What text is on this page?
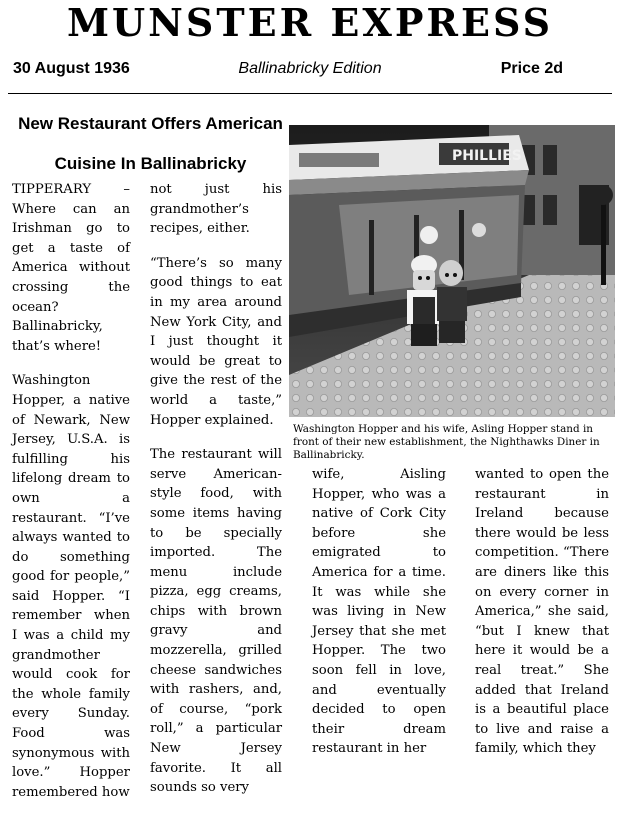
MUNSTER EXPRESS
30 August 1936	Ballinabricky Edition	Price 2d
New Restaurant Offers American
Cuisine In Ballinabricky

TIPPERARY – Where can an Irishman go to get a taste of America without crossing the ocean? Ballinabricky, that’s where!

Washington Hopper, a native of Newark, New Jersey, U.S.A. is fulfilling his lifelong dream to own a restaurant. “I’ve always wanted to do something good for people,” said Hopper. “I remember when I was a child my grandmother would cook for the whole family every Sunday. Food was synonymous with love.” Hopper remembered how

not just his grandmother’s recipes, either.

“There’s so many good things to eat in my area around New York City, and I just thought it would be great to give the rest of the world a taste,” Hopper explained.

The restaurant will serve American-style food, with some items having to be specially imported. The menu include pizza, egg creams, chips with brown gravy and mozzerella, grilled cheese sandwiches with rashers, and, of course, “pork roll,” a particular New Jersey favorite. It all sounds so very

PHILLIES
Washington Hopper and his wife, Asling Hopper stand in front of their new establishment, the Nighthawks Diner in Ballinabricky.

wife, Aisling Hopper, who was a native of Cork City before she emigrated to America for a time. It was while she was living in New Jersey that she met Hopper. The two soon fell in love, and eventually decided to open their dream restaurant in her

wanted to open the restaurant in Ireland because there would be less competition. “There are diners like this on every corner in America,” she said, “but I knew that here it would be a real treat.” She added that Ireland is a beautiful place to live and raise a family, which they
